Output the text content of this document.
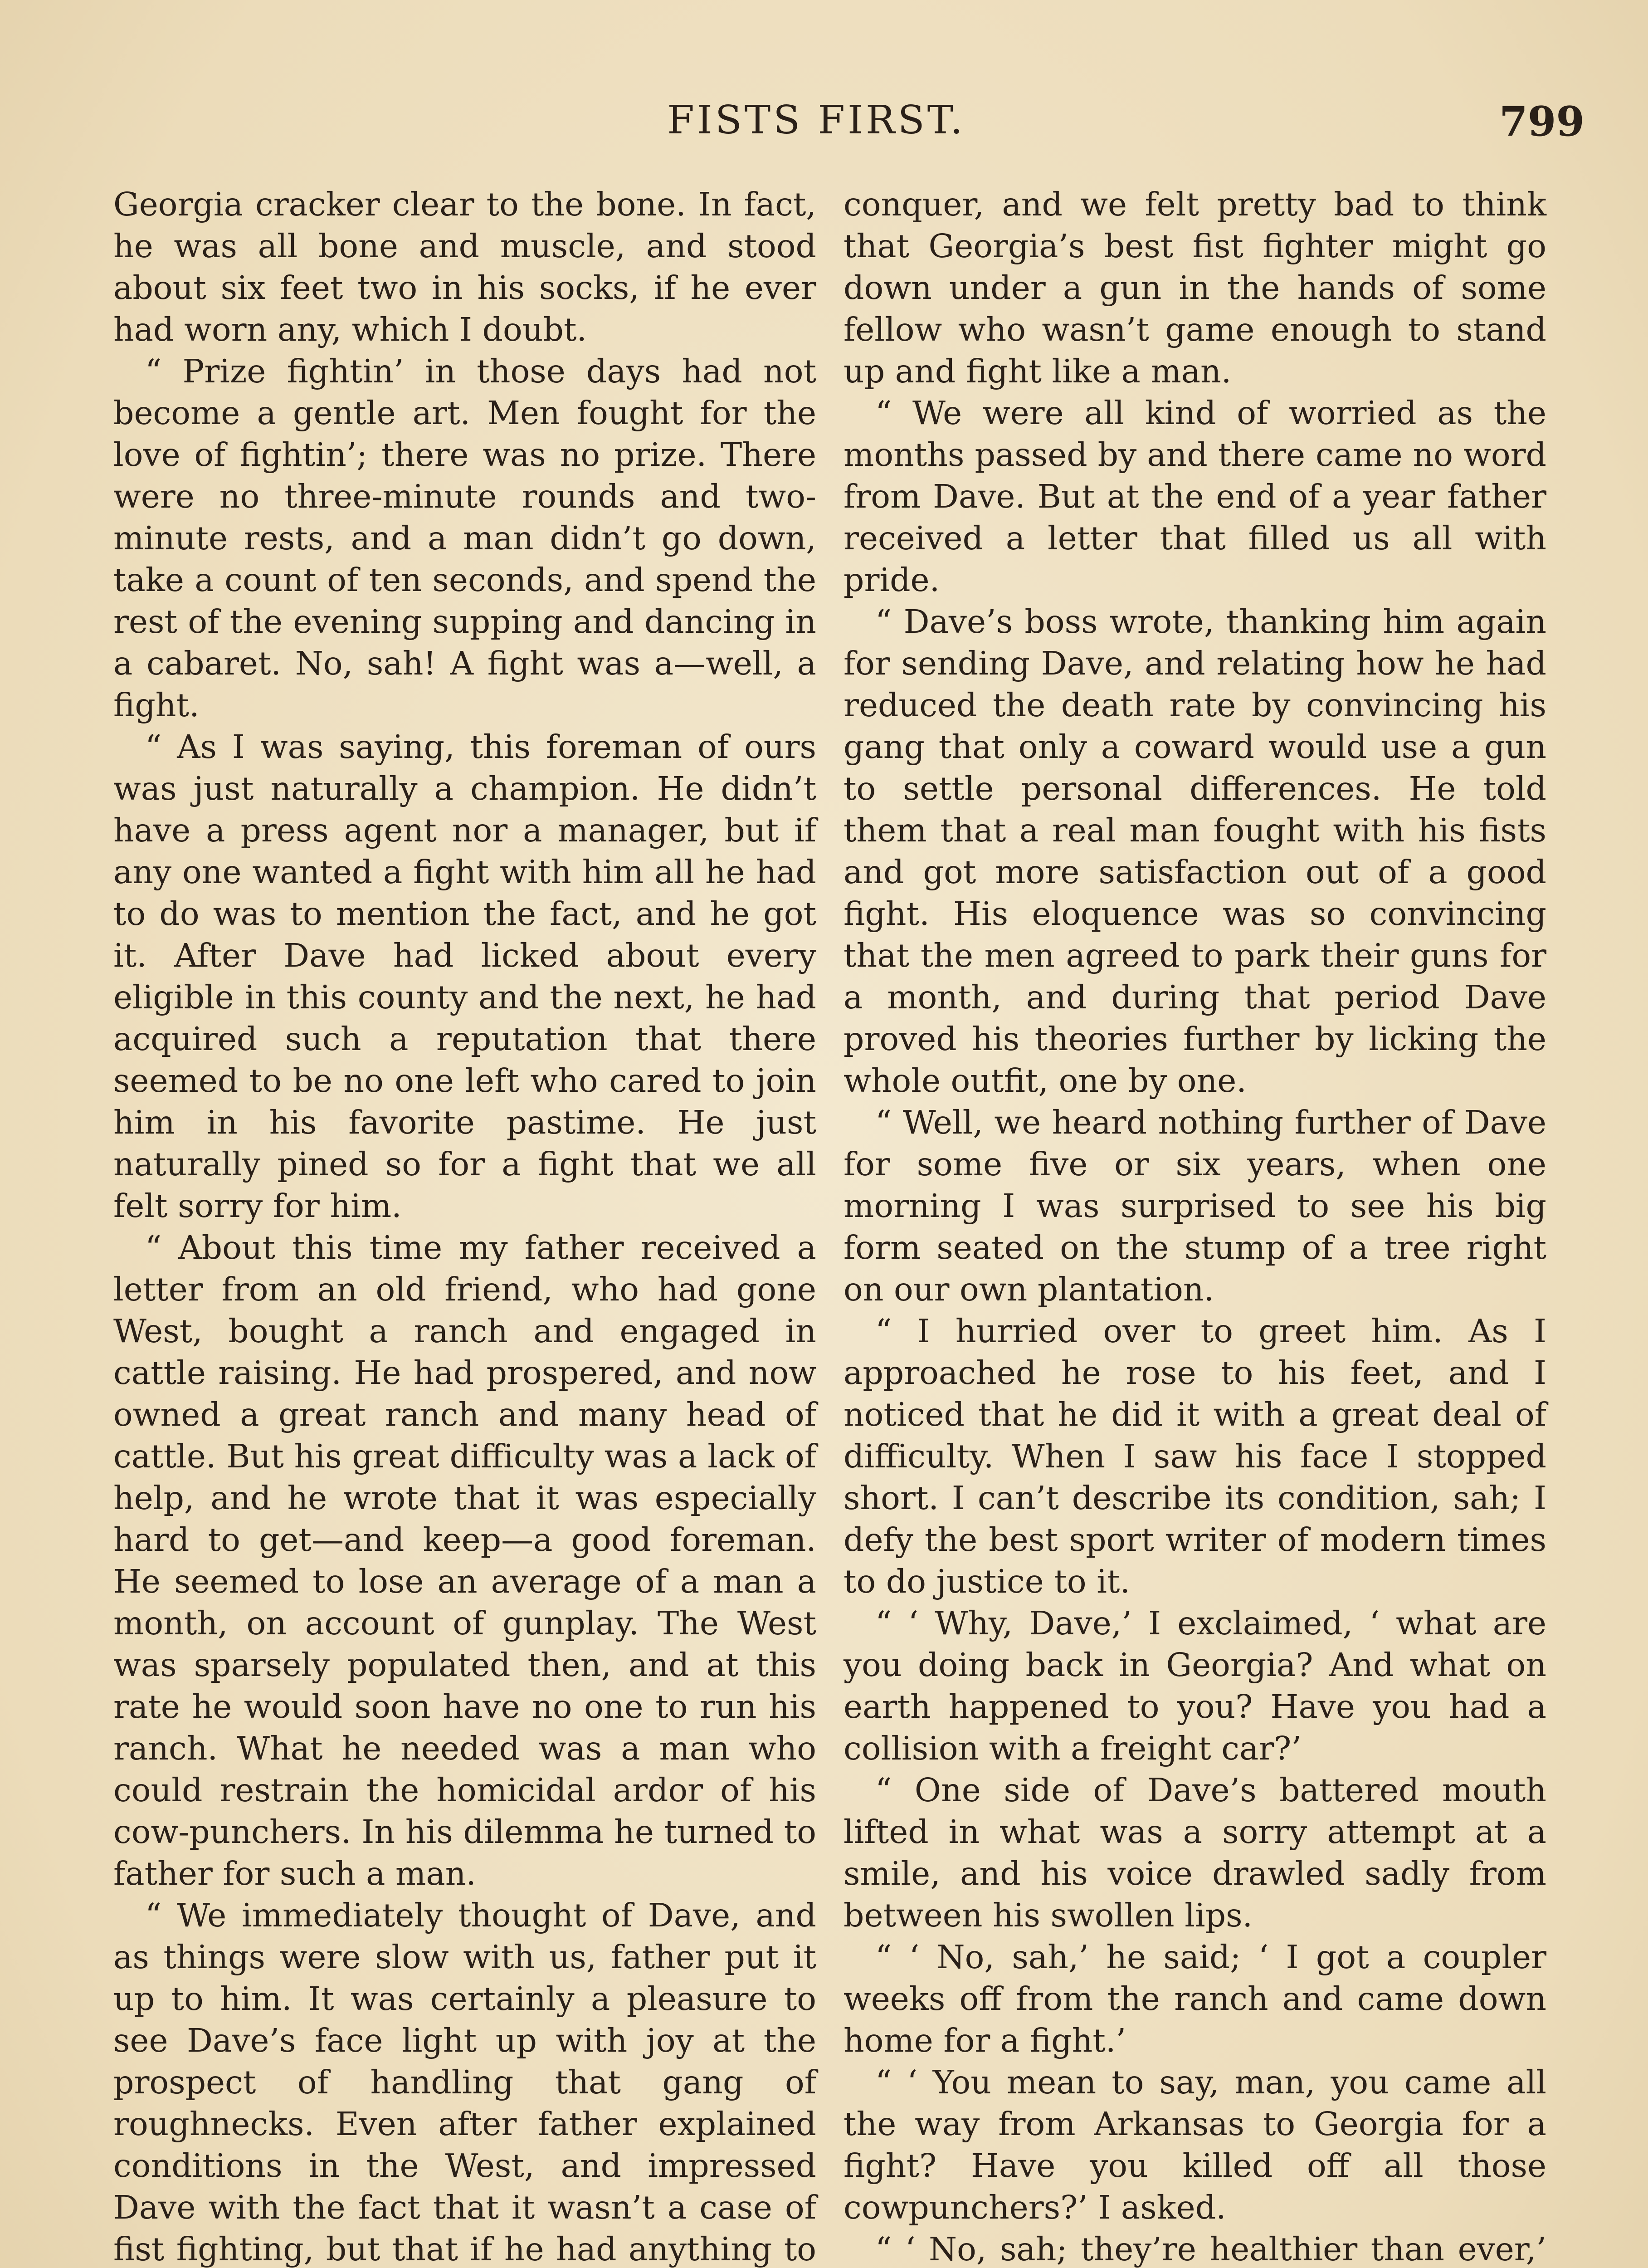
FISTS FIRST.	799

Georgia cracker clear to the bone. In fact, he was all bone and muscle, and stood about six feet two in his socks, if he ever had worn any, which I doubt.

“ Prize fightin’ in those days had not become a gentle art. Men fought for the love of fightin’; there was no prize. There were no three-minute rounds and two-minute rests, and a man didn’t go down, take a count of ten seconds, and spend the rest of the evening supping and dancing in a cabaret. No, sah! A fight was a—well, a fight.

“ As I was saying, this foreman of ours was just naturally a champion. He didn’t have a press agent nor a manager, but if any one wanted a fight with him all he had to do was to mention the fact, and he got it. After Dave had licked about every eligible in this county and the next, he had acquired such a reputation that there seemed to be no one left who cared to join him in his favorite pastime. He just naturally pined so for a fight that we all felt sorry for him.

“ About this time my father received a letter from an old friend, who had gone West, bought a ranch and engaged in cattle raising. He had prospered, and now owned a great ranch and many head of cattle. But his great difficulty was a lack of help, and he wrote that it was especially hard to get—and keep—a good foreman. He seemed to lose an average of a man a month, on account of gunplay. The West was sparsely populated then, and at this rate he would soon have no one to run his ranch. What he needed was a man who could restrain the homicidal ardor of his cow-punchers. In his dilemma he turned to father for such a man.

“ We immediately thought of Dave, and as things were slow with us, father put it up to him. It was certainly a pleasure to see Dave’s face light up with joy at the prospect of handling that gang of roughnecks. Even after father explained conditions in the West, and impressed Dave with the fact that it wasn’t a case of fist fighting, but that if he had anything to

conquer, and we felt pretty bad to think that Georgia’s best fist fighter might go down under a gun in the hands of some fellow who wasn’t game enough to stand up and fight like a man.

“ We were all kind of worried as the months passed by and there came no word from Dave. But at the end of a year father received a letter that filled us all with pride.

“ Dave’s boss wrote, thanking him again for sending Dave, and relating how he had reduced the death rate by convincing his gang that only a coward would use a gun to settle personal differences. He told them that a real man fought with his fists and got more satisfaction out of a good fight. His eloquence was so convincing that the men agreed to park their guns for a month, and during that period Dave proved his theories further by licking the whole outfit, one by one.

“ Well, we heard nothing further of Dave for some five or six years, when one morning I was surprised to see his big form seated on the stump of a tree right on our own plantation.

“ I hurried over to greet him. As I approached he rose to his feet, and I noticed that he did it with a great deal of difficulty. When I saw his face I stopped short. I can’t describe its condition, sah; I defy the best sport writer of modern times to do justice to it.

“ ‘ Why, Dave,’ I exclaimed, ‘ what are you doing back in Georgia? And what on earth happened to you? Have you had a collision with a freight car?’

“ One side of Dave’s battered mouth lifted in what was a sorry attempt at a smile, and his voice drawled sadly from between his swollen lips.

“ ‘ No, sah,’ he said; ‘ I got a coupler weeks off from the ranch and came down home for a fight.’

“ ‘ You mean to say, man, you came all the way from Arkansas to Georgia for a fight? Have you killed off all those cowpunchers?’ I asked.

“ ‘ No, sah; they’re healthier than ever,’
